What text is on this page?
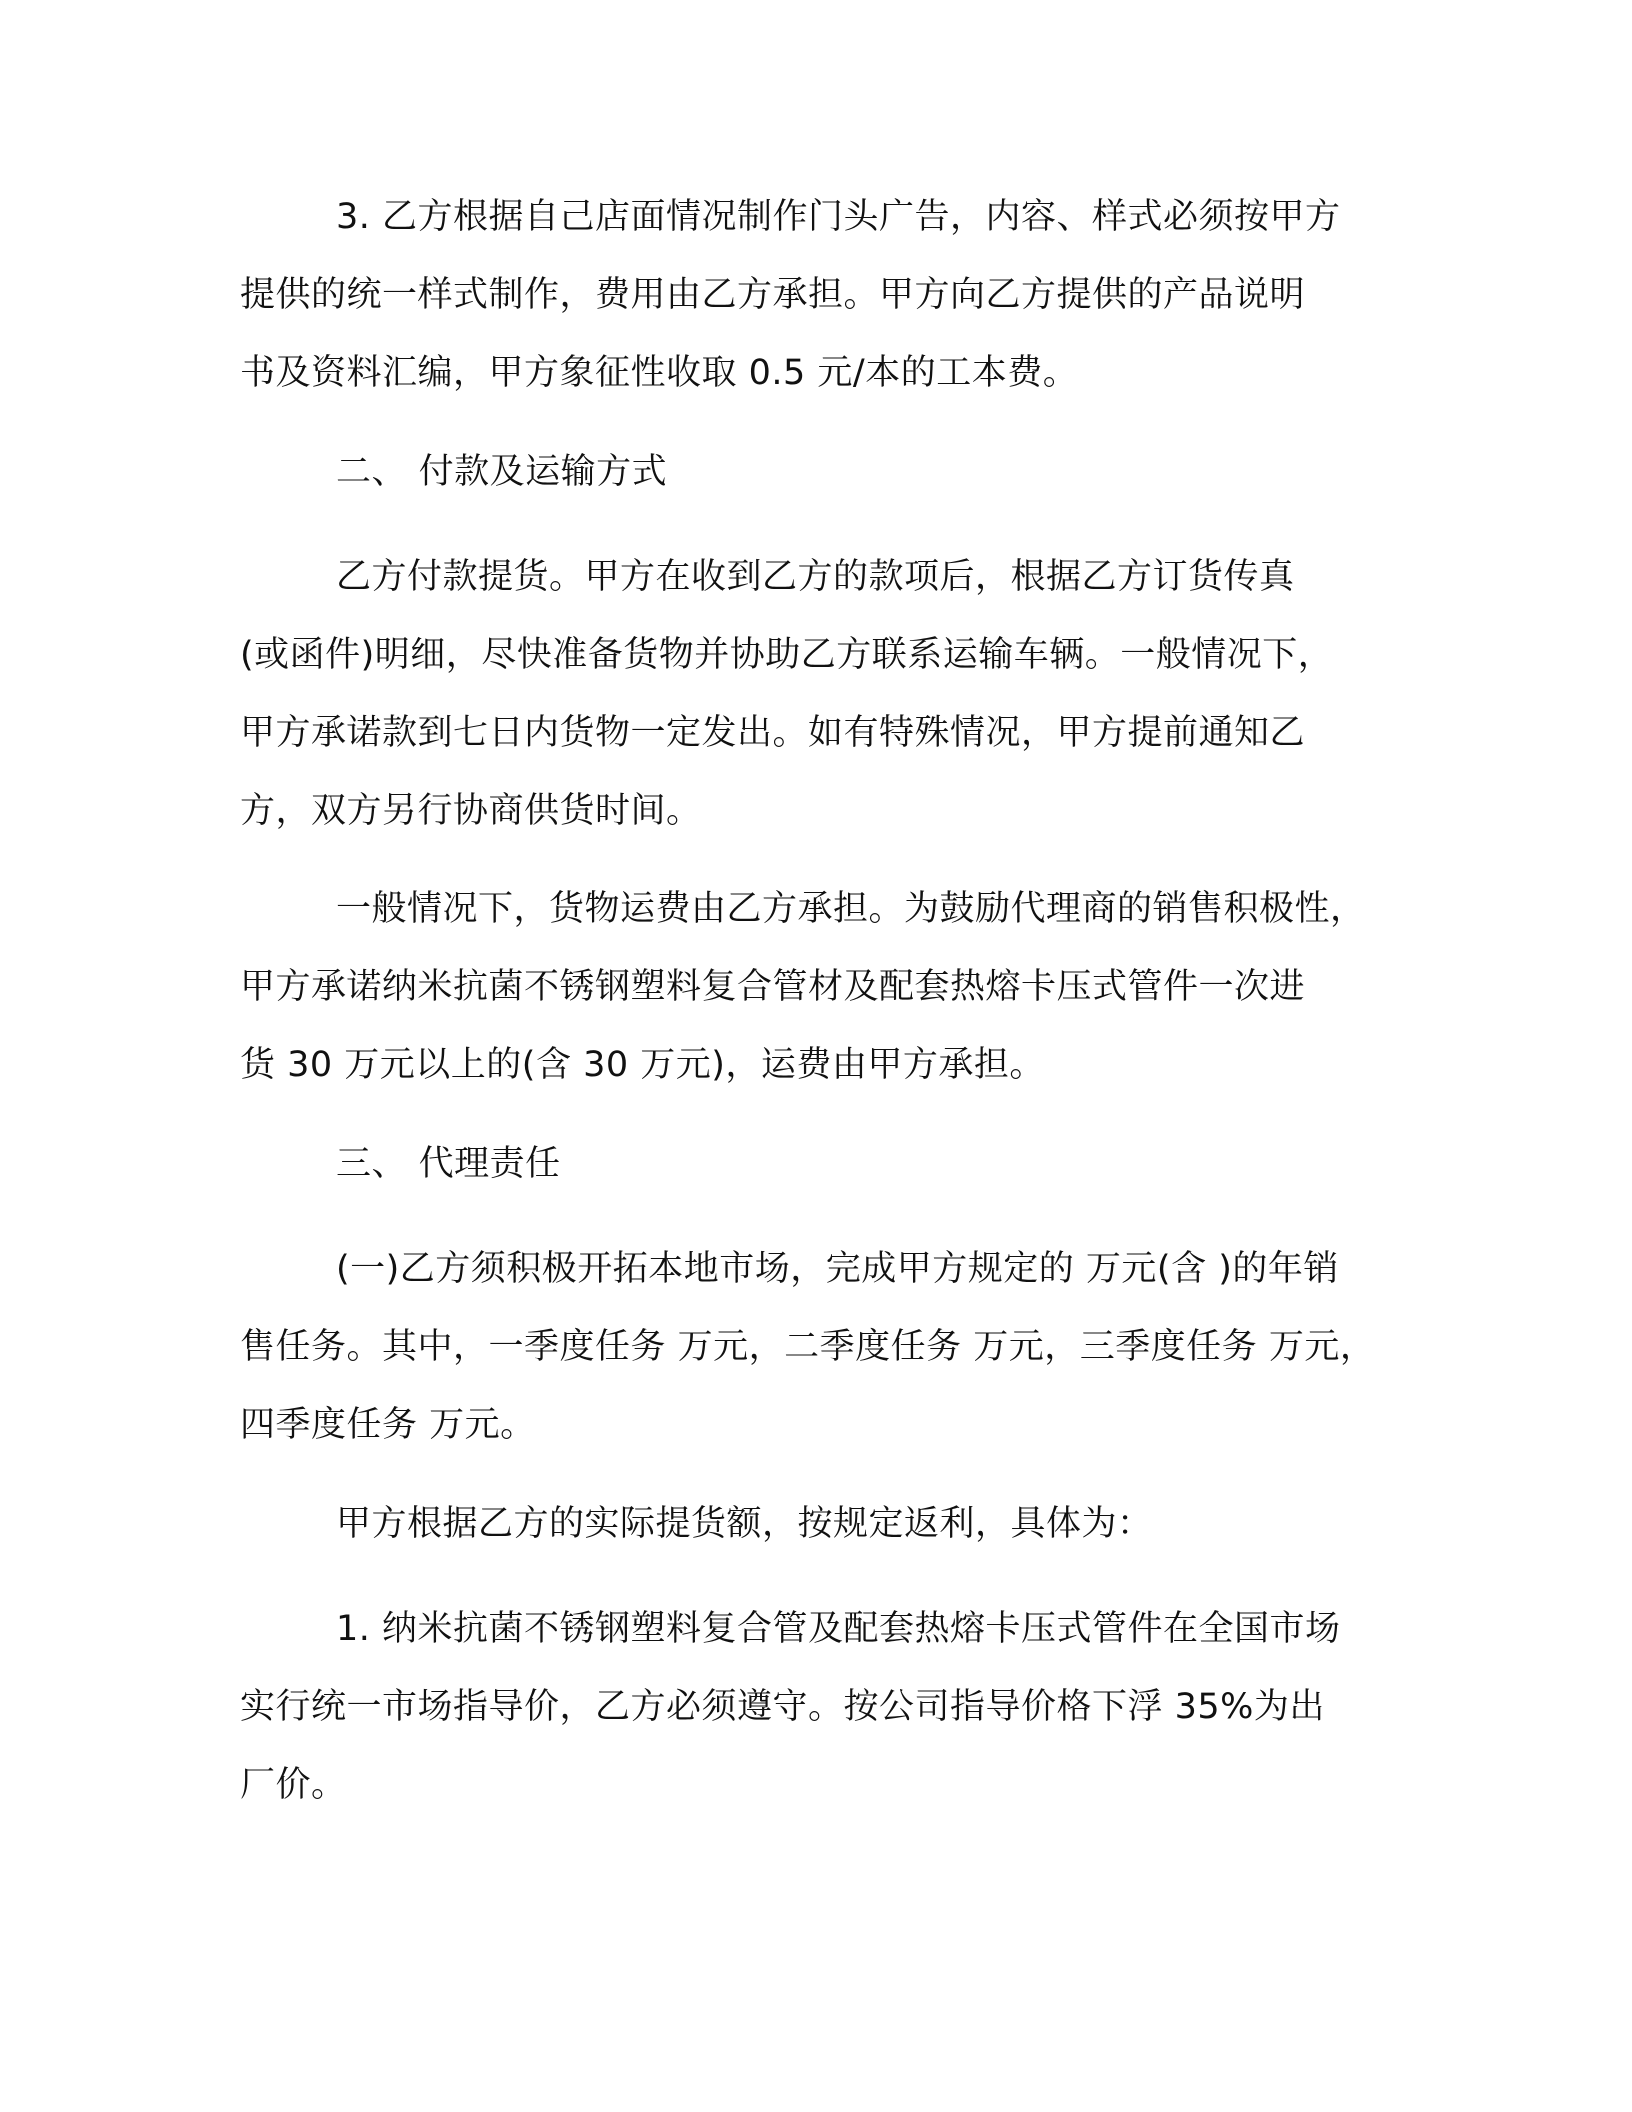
3. 乙方根据自己店面情况制作门头广告，内容、样式必须按甲方
提供的统一样式制作，费用由乙方承担。甲方向乙方提供的产品说明
书及资料汇编，甲方象征性收取 0.5 元/本的工本费。
二、 付款及运输方式
乙方付款提货。甲方在收到乙方的款项后，根据乙方订货传真
(或函件)明细，尽快准备货物并协助乙方联系运输车辆。一般情况下，
甲方承诺款到七日内货物一定发出。如有特殊情况，甲方提前通知乙
方，双方另行协商供货时间。
一般情况下，货物运费由乙方承担。为鼓励代理商的销售积极性，
甲方承诺纳米抗菌不锈钢塑料复合管材及配套热熔卡压式管件一次进
货 30 万元以上的(含 30 万元)，运费由甲方承担。
三、 代理责任
(一)乙方须积极开拓本地市场，完成甲方规定的 万元(含 )的年销
售任务。其中，一季度任务 万元，二季度任务 万元，三季度任务 万元，
四季度任务 万元。
甲方根据乙方的实际提货额，按规定返利，具体为：
1. 纳米抗菌不锈钢塑料复合管及配套热熔卡压式管件在全国市场
实行统一市场指导价，乙方必须遵守。按公司指导价格下浮 35%为出
厂价。
